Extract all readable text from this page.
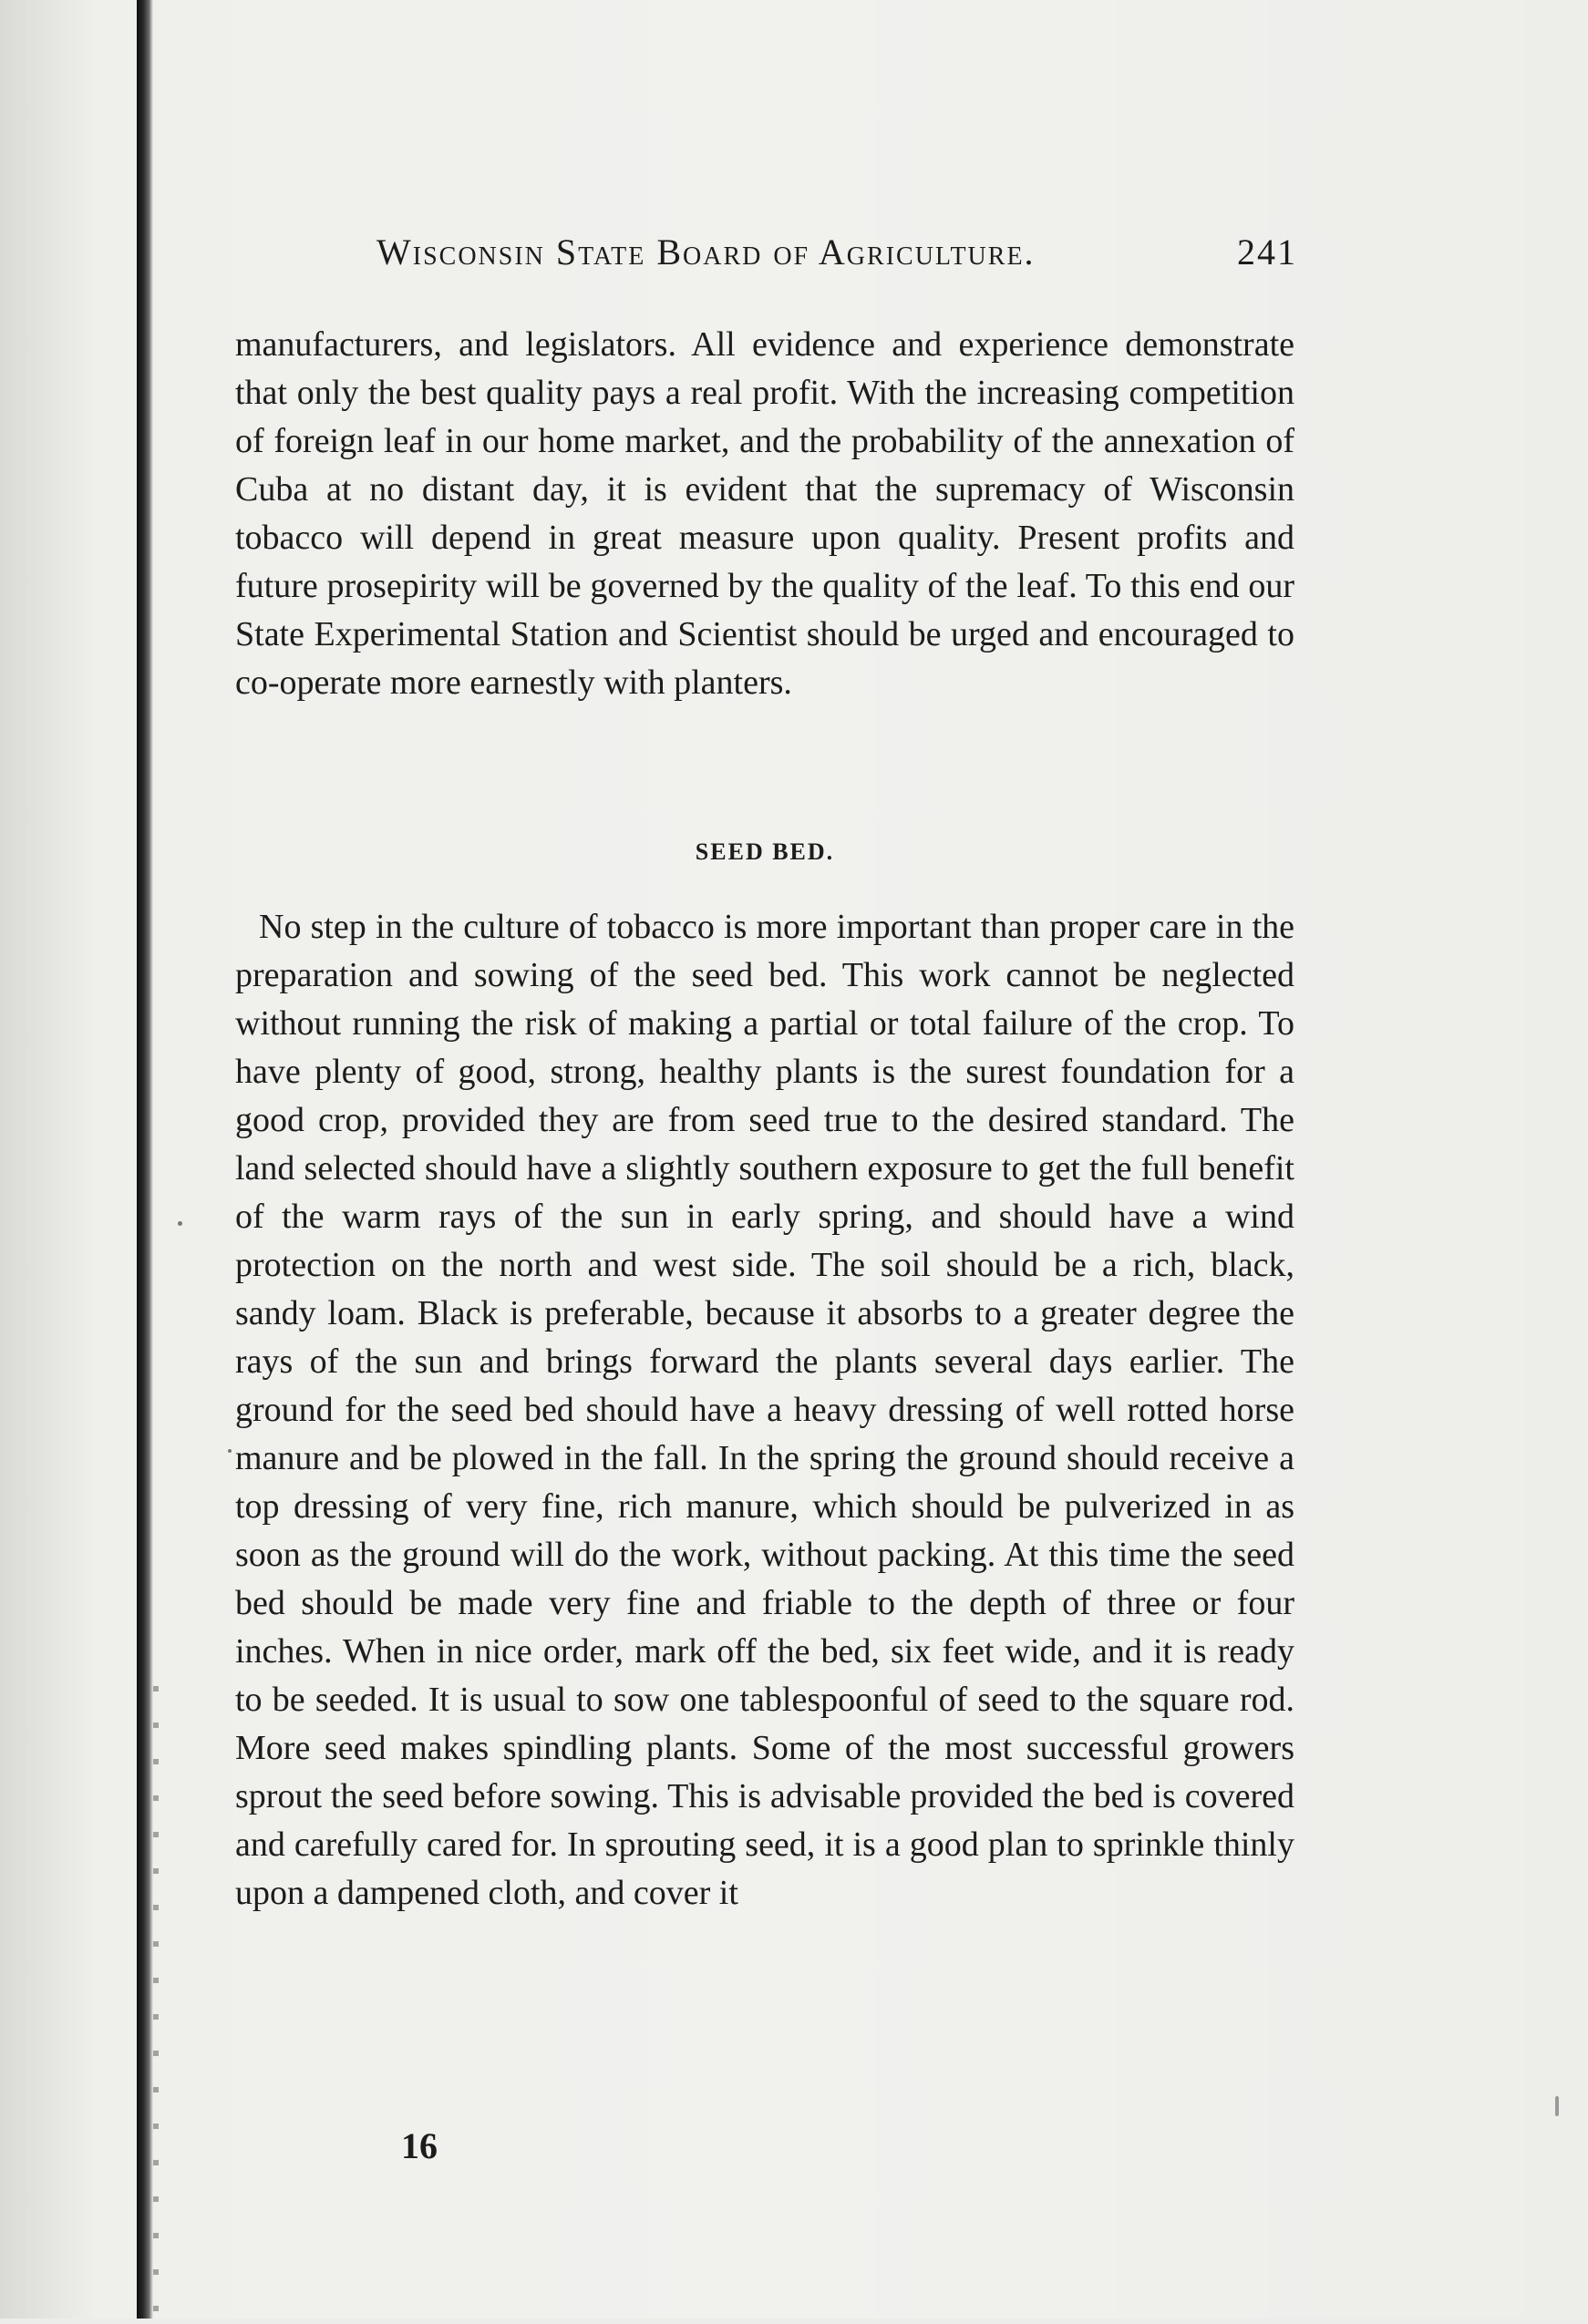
Wisconsin State Board of Agriculture.	241
manufacturers, and legislators. All evidence and experience demonstrate that only the best quality pays a real profit. With the increasing competition of foreign leaf in our home market, and the probability of the annexation of Cuba at no distant day, it is evident that the supremacy of Wisconsin tobacco will depend in great measure upon quality. Present profits and future prosepirity will be governed by the quality of the leaf. To this end our State Experimental Station and Scientist should be urged and encouraged to co-operate more earnestly with planters.
SEED BED.
No step in the culture of tobacco is more important than proper care in the preparation and sowing of the seed bed. This work cannot be neglected without running the risk of making a partial or total failure of the crop. To have plenty of good, strong, healthy plants is the surest foundation for a good crop, provided they are from seed true to the desired standard. The land selected should have a slightly southern exposure to get the full benefit of the warm rays of the sun in early spring, and should have a wind protection on the north and west side. The soil should be a rich, black, sandy loam. Black is preferable, because it absorbs to a greater degree the rays of the sun and brings forward the plants several days earlier. The ground for the seed bed should have a heavy dressing of well rotted horse manure and be plowed in the fall. In the spring the ground should receive a top dressing of very fine, rich manure, which should be pulverized in as soon as the ground will do the work, without packing. At this time the seed bed should be made very fine and friable to the depth of three or four inches. When in nice order, mark off the bed, six feet wide, and it is ready to be seeded. It is usual to sow one tablespoonful of seed to the square rod. More seed makes spindling plants. Some of the most successful growers sprout the seed before sowing. This is advisable provided the bed is covered and carefully cared for. In sprouting seed, it is a good plan to sprinkle thinly upon a dampened cloth, and cover it
16
